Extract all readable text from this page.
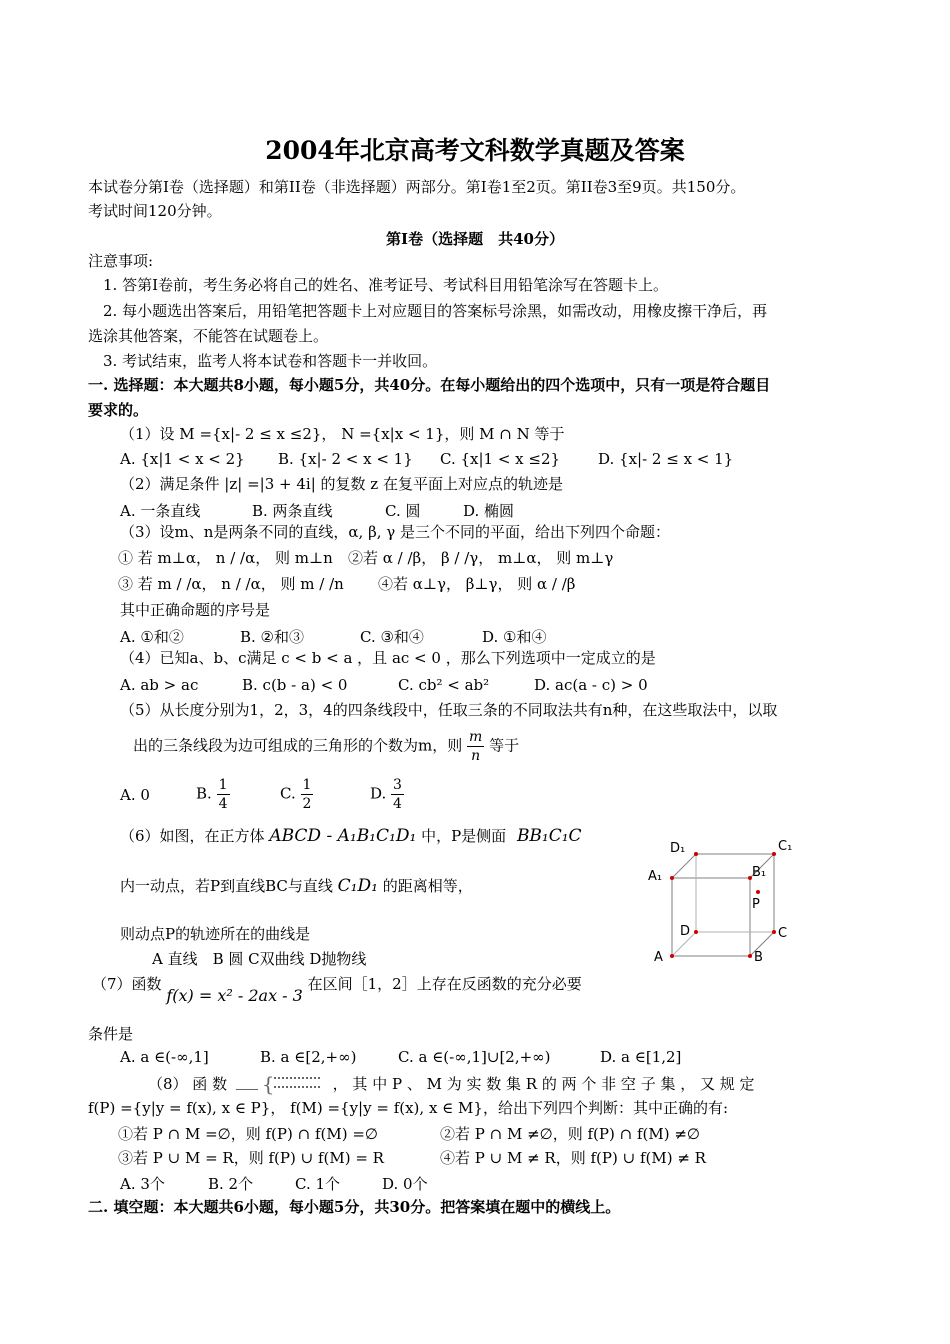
2004年北京高考文科数学真题及答案
本试卷分第Ⅰ卷（选择题）和第II卷（非选择题）两部分。第Ⅰ卷1至2页。第II卷3至9页。共150分。
考试时间120分钟。
第Ⅰ卷（选择题　共40分）
注意事项:
1. 答第Ⅰ卷前，考生务必将自己的姓名、准考证号、考试科目用铅笔涂写在答题卡上。
2. 每小题选出答案后，用铅笔把答题卡上对应题目的答案标号涂黑，如需改动，用橡皮擦干净后，再
选涂其他答案，不能答在试题卷上。
3. 考试结束，监考人将本试卷和答题卡一并收回。
一. 选择题：本大题共8小题，每小题5分，共40分。在每小题给出的四个选项中，只有一项是符合题目
要求的。
（1）设 M ={x|- 2 ≤ x ≤2}， N ={x|x < 1}，则 M ∩ N 等于
A. {x|1 < x < 2} B. {x|- 2 < x < 1} C. {x|1 < x ≤2}	D. {x|- 2 ≤ x < 1}
（2）满足条件 |z| =|3 + 4i| 的复数 z 在复平面上对应点的轨迹是
A. 一条直线	B. 两条直线	C. 圆	D. 椭圆
（3）设m、n是两条不同的直线，α, β, γ 是三个不同的平面，给出下列四个命题：
① 若 m⊥α， n / /α， 则 m⊥n ②若 α / /β， β / /γ， m⊥α， 则 m⊥γ
③ 若 m / /α， n / /α， 则 m / /n ④若 α⊥γ， β⊥γ， 则 α / /β
其中正确命题的序号是
A. ①和②	B. ②和③	C. ③和④	D. ①和④
（4）已知a、b、c满足 c < b < a ，且 ac < 0 ，那么下列选项中一定成立的是
A. ab > ac	B. c(b - a) < 0	C. cb² < ab²	D. ac(a - c) > 0
（5）从长度分别为1，2，3，4的四条线段中，任取三条的不同取法共有n种，在这些取法中，以取
出的三条线段为边可组成的三角形的个数为m，则 $\frac{m}{n}$ 等于
A. 0	B. $\frac{1}{4}$	C. $\frac{1}{2}$	D. $\frac{3}{4}$
（6）如图，在正方体 ABCD - A₁B₁C₁D₁ 中，P是侧面 BB₁C₁C
内一动点，若P到直线BC与直线 C₁D₁ 的距离相等，
则动点P的轨迹所在的曲线是
A 直线　B 圆 C双曲线 D抛物线
D₁	C₁
A₁	B₁
P
D	C
A	B
（7）函数 f(x) = x² - 2ax - 3 在区间［1，2］上存在反函数的充分必要
条件是
A. a ∈(-∞,1]	B. a ∈[2,+∞)	C. a ∈(-∞,1]∪[2,+∞)	D. a ∈[1,2]
（8） 函 数 {	， 其 中 P 、 M 为 实 数 集 R 的 两 个 非 空 子 集 ， 又 规 定
f(P) ={y|y = f(x), x ∈ P}， f(M) ={y|y = f(x), x ∈ M}，给出下列四个判断：其中正确的有:
①若 P ∩ M =∅，则 f(P) ∩ f(M) =∅	②若 P ∩ M ≠∅，则 f(P) ∩ f(M) ≠∅
③若 P ∪ M = R，则 f(P) ∪ f(M) = R	④若 P ∪ M ≠ R，则 f(P) ∪ f(M) ≠ R
A. 3个	B. 2个	C. 1个	D. 0个
二. 填空题：本大题共6小题，每小题5分，共30分。把答案填在题中的横线上。
